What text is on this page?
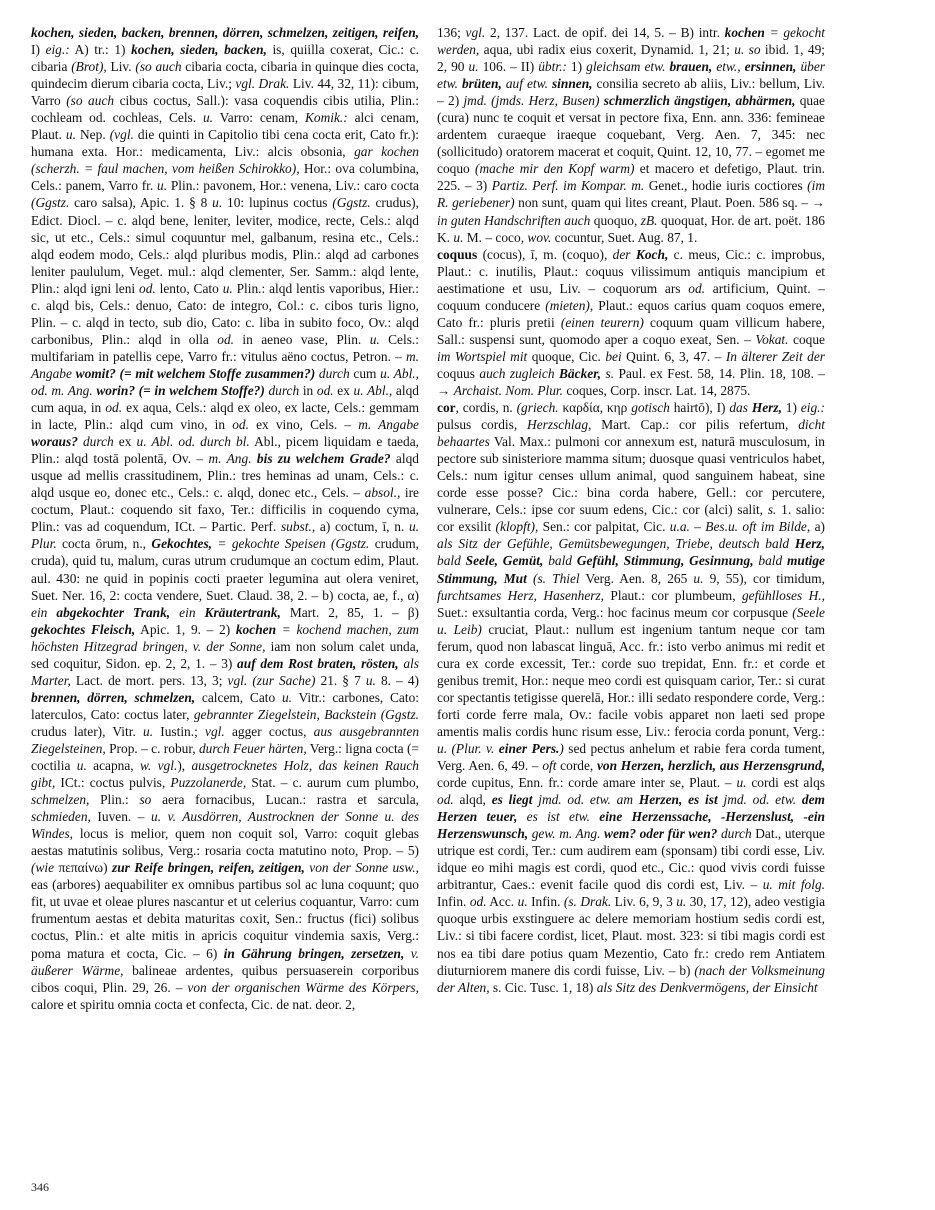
kochen, sieden, backen, brennen, dörren, schmelzen, zeitigen, reifen, I) eig.: A) tr.: 1) kochen, sieden, backen, is, quiilla coxerat, Cic.: c. cibaria (Brot), Liv. (so auch cibaria cocta, cibaria in quinque dies cocta, quindecim dierum cibaria cocta, Liv.; vgl. Drak. Liv. 44, 32, 11): cibum, Varro (so auch cibus coctus, Sall.): vasa coquendis cibis utilia, Plin.: cochleam od. cochleas, Cels. u. Varro: cenam, Komik.: alci cenam, Plaut. u. Nep. (vgl. die quinti in Capitolio tibi cena cocta erit, Cato fr.): humana exta. Hor.: medicamenta, Liv.: alcis obsonia, gar kochen (scherzh. = faul machen, vom heißen Schirokko), Hor.: ova columbina, Cels.: panem, Varro fr. u. Plin.: pavonem, Hor.: venena, Liv.: caro cocta (Ggstz. caro salsa), Apic. 1. § 8 u. 10: lupinus coctus (Ggstz. crudus), Edict. Diocl. – c. alqd bene, leniter, leviter, modice, recte, Cels.: alqd sic, ut etc., Cels.: simul coquuntur mel, galbanum, resina etc., Cels.: alqd eodem modo, Cels.: alqd pluribus modis, Plin.: alqd ad carbones leniter paululum, Veget. mul.: alqd clementer, Ser. Samm.: alqd lente, Plin.: alqd igni leni od. lento, Cato u. Plin.: alqd lentis vaporibus, Hier.: c. alqd bis, Cels.: denuo, Cato: de integro, Col.: c. cibos turis ligno, Plin. – c. alqd in tecto, sub dio, Cato: c. liba in subito foco, Ov.: alqd carbonibus, Plin.: alqd in olla od. in aeneo vase, Plin. u. Cels.: multifariam in patellis cepe, Varro fr.: vitulus aëno coctus, Petron. – m. Angabe womit? (= mit welchem Stoffe zusammen?) durch cum u. Abl., od. m. Ang. worin? (= in welchem Stoffe?) durch in od. ex u. Abl., alqd cum aqua, in od. ex aqua, Cels.: alqd ex oleo, ex lacte, Cels.: gemmam in lacte, Plin.: alqd cum vino, in od. ex vino, Cels. – m. Angabe woraus? durch ex u. Abl. od. durch bl. Abl., picem liquidam e taeda, Plin.: alqd tostā polentā, Ov. – m. Ang. bis zu welchem Grade? alqd usque ad mellis crassitudinem, Plin.: tres heminas ad unam, Cels.: c. alqd usque eo, donec etc., Cels.: c. alqd, donec etc., Cels. – absol., ire coctum, Plaut.: coquendo sit faxo, Ter.: difficilis in coquendo cyma, Plin.: vas ad coquendum, ICt. – Partic. Perf. subst., a) coctum, ī, n. u. Plur. cocta ōrum, n., Gekochtes, = gekochte Speisen (Ggstz. crudum, cruda), quid tu, malum, curas utrum crudumque an coctum edim, Plaut. aul. 430: ne quid in popinis cocti praeter legumina aut olera veniret, Suet. Ner. 16, 2: cocta vendere, Suet. Claud. 38, 2. – b) cocta, ae, f., α) ein abgekochter Trank, ein Kräutertrank, Mart. 2, 85, 1. – β) gekochtes Fleisch, Apic. 1, 9. – 2) kochen = kochend machen, zum höchsten Hitzegrad bringen, v. der Sonne, iam non solum calet unda, sed coquitur, Sidon. ep. 2, 2, 1. – 3) auf dem Rost braten, rösten, als Marter, Lact. de mort. pers. 13, 3; vgl. (zur Sache) 21. § 7 u. 8. – 4) brennen, dörren, schmelzen, calcem, Cato u. Vitr.: carbones, Cato: laterculos, Cato: coctus later, gebrannter Ziegelstein, Backstein (Ggstz. crudus later), Vitr. u. Iustin.; vgl. agger coctus, aus ausgebrannten Ziegelsteinen, Prop. – c. robur, durch Feuer härten, Verg.: ligna cocta (= coctilia u. acapna, w. vgl.), ausgetrocknetes Holz, das keinen Rauch gibt, ICt.: coctus pulvis, Puzzolanerde, Stat. – c. aurum cum plumbo, schmelzen, Plin.: so aera fornacibus, Lucan.: rastra et sarcula, schmieden, Iuven. – u. v. Ausdörren, Austrocknen der Sonne u. des Windes, locus is melior, quem non coquit sol, Varro: coquit glebas aestas matutinis solibus, Verg.: rosaria cocta matutino noto, Prop. – 5) (wie πεπαίνω) zur Reife bringen, reifen, zeitigen, von der Sonne usw., eas (arbores) aequabiliter ex omnibus partibus sol ac luna coquunt; quo fit, ut uvae et oleae plures nascantur et ut celerius coquantur, Varro: cum frumentum aestas et debita maturitas coxit, Sen.: fructus (fici) solibus coctus, Plin.: et alte mitis in apricis coquitur vindemia saxis, Verg.: poma matura et cocta, Cic. – 6) in Gährung bringen, zersetzen, v. äußerer Wärme, balineae ardentes, quibus persuaserein corporibus cibos coqui, Plin. 29, 26. – von der organischen Wärme des Körpers, calore et spiritu omnia cocta et confecta, Cic. de nat. deor. 2,

136; vgl. 2, 137. Lact. de opif. dei 14, 5. – B) intr. kochen = gekocht werden, aqua, ubi radix eius coxerit, Dynamid. 1, 21; u. so ibid. 1, 49; 2, 90 u. 106. – II) übtr.: 1) gleichsam etw. brauen, etw., ersinnen, über etw. brüten, auf etw. sinnen, consilia secreto ab aliis, Liv.: bellum, Liv. – 2) jmd. (jmds. Herz, Busen) schmerzlich ängstigen, abhärmen, quae (cura) nunc te coquit et versat in pectore fixa, Enn. ann. 336: femineae ardentem curaeque iraeque coquebant, Verg. Aen. 7, 345: nec (sollicitudo) oratorem macerat et coquit, Quint. 12, 10, 77. – egomet me coquo (mache mir den Kopf warm) et macero et defetigo, Plaut. trin. 225. – 3) Partiz. Perf. im Kompar. m. Genet., hodie iuris coctiores (im R. geriebener) non sunt, quam qui lites creant, Plaut. Poen. 586 sq. – → in guten Handschriften auch quoquo, zB. quoquat, Hor. de art. poët. 186 K. u. M. – coco, wov. cocuntur, Suet. Aug. 87, 1.

coquus (cocus), ī, m. (coquo), der Koch, c. meus, Cic.: c. improbus, Plaut.: c. inutilis, Plaut.: coquus vilissimum antiquis mancipium et aestimatione et usu, Liv. – coquorum ars od. artificium, Quint. – coquum conducere (mieten), Plaut.: equos carius quam coquos emere, Cato fr.: pluris pretii (einen teurern) coquum quam villicum habere, Sall.: suspensi sunt, quomodo aper a coquo exeat, Sen. – Vokat. coque im Wortspiel mit quoque, Cic. bei Quint. 6, 3, 47. – In älterer Zeit der coquus auch zugleich Bäcker, s. Paul. ex Fest. 58, 14. Plin. 18, 108. – → Archaist. Nom. Plur. coques, Corp. inscr. Lat. 14, 2875.

cor, cordis, n. (griech. καρδία, κηρ gotisch hairtō), I) das Herz, 1) eig.: pulsus cordis, Herzschlag, Mart. Cap.: cor pilis refertum, dicht behaartes Val. Max.: pulmoni cor annexum est, naturā musculosum, in pectore sub sinisteriore mamma situm; duosque quasi ventriculos habet, Cels.: num igitur censes ullum animal, quod sanguinem habeat, sine corde esse posse? Cic.: bina corda habere, Gell.: cor percutere, vulnerare, Cels.: ipse cor suum edens, Cic.: cor (alci) salit, s. 1. salio: cor exsilit (klopft), Sen.: cor palpitat, Cic. u.a. – Bes.u. oft im Bilde, a) als Sitz der Gefühle, Gemütsbewegungen, Triebe, deutsch bald Herz, bald Seele, Gemüt, bald Gefühl, Stimmung, Gesinnung, bald mutige Stimmung, Mut (s. Thiel Verg. Aen. 8, 265 u. 9, 55), cor timidum, furchtsames Herz, Hasenherz, Plaut.: cor plumbeum, gefühlloses H., Suet.: exsultantia corda, Verg.: hoc facinus meum cor corpusque (Seele u. Leib) cruciat, Plaut.: nullum est ingenium tantum neque cor tam ferum, quod non labascat linguā, Acc. fr.: isto verbo animus mi redit et cura ex corde excessit, Ter.: corde suo trepidat, Enn. fr.: et corde et genibus tremit, Hor.: neque meo cordi est quisquam carior, Ter.: si curat cor spectantis tetigisse querelā, Hor.: illi sedato respondere corde, Verg.: forti corde ferre mala, Ov.: facile vobis apparet non laeti sed prope amentis malis cordis hunc risum esse, Liv.: ferocia corda ponunt, Verg.: u. (Plur. v. einer Pers.) sed pectus anhelum et rabie fera corda tument, Verg. Aen. 6, 49. – oft corde, von Herzen, herzlich, aus Herzensgrund, corde cupitus, Enn. fr.: corde amare inter se, Plaut. – u. cordi est alqs od. alqd, es liegt jmd. od. etw. am Herzen, es ist jmd. od. etw. dem Herzen teuer, es ist etw. eine Herzenssache, -Herzenslust, -ein Herzenswunsch, gew. m. Ang. wem? oder für wen? durch Dat., uterque utrique est cordi, Ter.: cum audirem eam (sponsam) tibi cordi esse, Liv. idque eo mihi magis est cordi, quod etc., Cic.: quod vivis cordi fuisse arbitrantur, Caes.: evenit facile quod dis cordi est, Liv. – u. mit folg. Infin. od. Acc. u. Infin. (s. Drak. Liv. 6, 9, 3 u. 30, 17, 12), adeo vestigia quoque urbis exstinguere ac delere memoriam hostium sedis cordi est, Liv.: si tibi facere cordist, licet, Plaut. most. 323: si tibi magis cordi est nos ea tibi dare potius quam Mezentio, Cato fr.: credo rem Antiatem diuturniorem manere dis cordi fuisse, Liv. – b) (nach der Volksmeinung der Alten, s. Cic. Tusc. 1, 18) als Sitz des Denkvermögens, der Einsicht

346
